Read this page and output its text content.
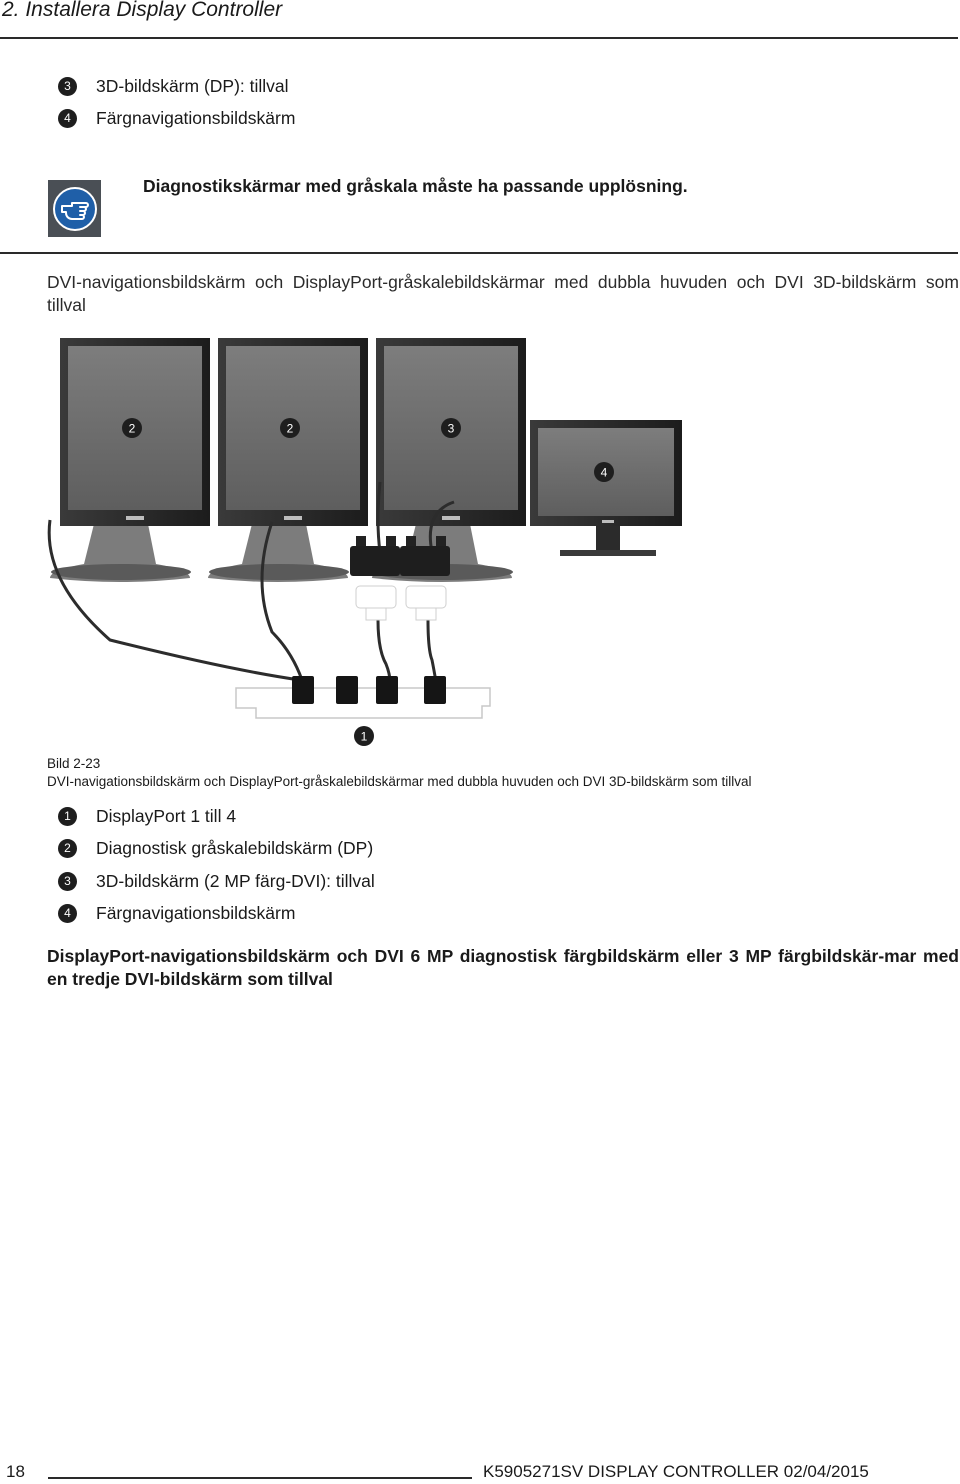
2. Installera Display Controller
3	3D-bildskärm (DP): tillval
4	Färgnavigationsbildskärm
Diagnostikskärmar med gråskala måste ha passande upplösning.
DVI-navigationsbildskärm och DisplayPort-gråskalebildskärmar med dubbla huvuden och DVI 3D-bildskärm som tillval
2	2	3
4
1
Bild 2-23
DVI-navigationsbildskärm och DisplayPort-gråskalebildskärmar med dubbla huvuden och DVI 3D-bildskärm som tillval
1	DisplayPort 1 till 4
2	Diagnostisk gråskalebildskärm (DP)
3	3D-bildskärm (2 MP färg-DVI): tillval
4	Färgnavigationsbildskärm
DisplayPort-navigationsbildskärm och DVI 6 MP diagnostisk färgbildskärm eller 3 MP färgbildskär-mar med en tredje DVI-bildskärm som tillval
18	K5905271SV DISPLAY CONTROLLER 02/04/2015
